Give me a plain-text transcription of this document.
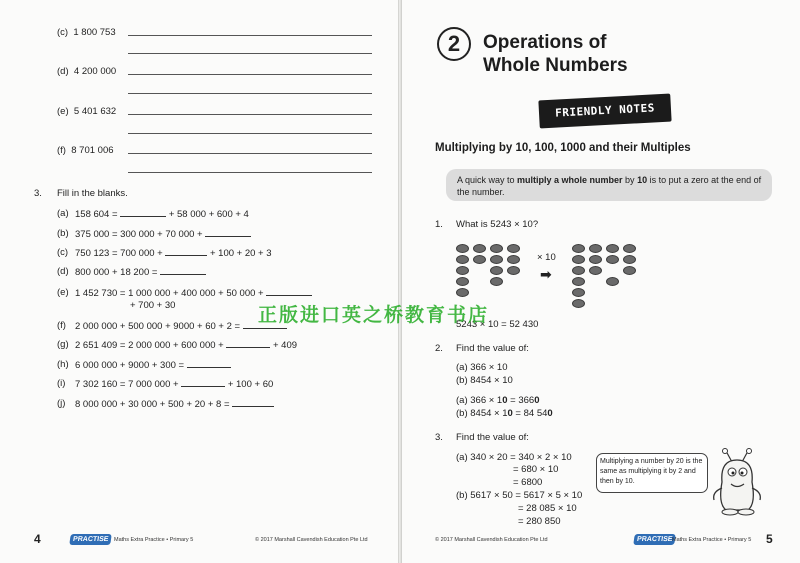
(c) 1 800 753
(d) 4 200 000
(e) 5 401 632
(f) 8 701 006
3. Fill in the blanks.
(a) 158 604 =	+ 58 000 + 600 + 4
(b) 375 000 = 300 000 + 70 000 +
(c) 750 123 = 700 000 +	+ 100 + 20 + 3
(d) 800 000 + 18 200 =
(e) 1 452 730 = 1 000 000 + 400 000 + 50 000 +
+ 700 + 30
(f) 2 000 000 + 500 000 + 9000 + 60 + 2 =
(g) 2 651 409 = 2 000 000 + 600 000 +	+ 409
(h) 6 000 000 + 9000 + 300 =
(i) 7 302 160 = 7 000 000 +	+ 100 + 60
(j) 8 000 000 + 30 000 + 500 + 20 + 8 =
4	PRACTISE Maths Extra Practice • Primary 5	© 2017 Marshall Cavendish Education Pte Ltd
2	Operations of
Whole Numbers
FRIENDLY NOTES
Multiplying by 10, 100, 1000 and their Multiples
A quick way to multiply a whole number by 10 is to put a zero at the end of the number.
1. What is 5243 × 10?
× 10
➡
5243 × 10 = 52 430
2. Find the value of:
(a) 366 × 10
(b) 8454 × 10
(a) 366 × 10 = 3660
(b) 8454 × 10 = 84 540
3. Find the value of:
(a) 340 × 20 = 340 × 2 × 10
= 680 × 10
= 6800
(b) 5617 × 50 = 5617 × 5 × 10
= 28 085 × 10
= 280 850
Multiplying a number by 20 is the same as multiplying it by 2 and then by 10.
© 2017 Marshall Cavendish Education Pte Ltd	PRACTISE Maths Extra Practice • Primary 5 5
正版进口英之桥教育书店
